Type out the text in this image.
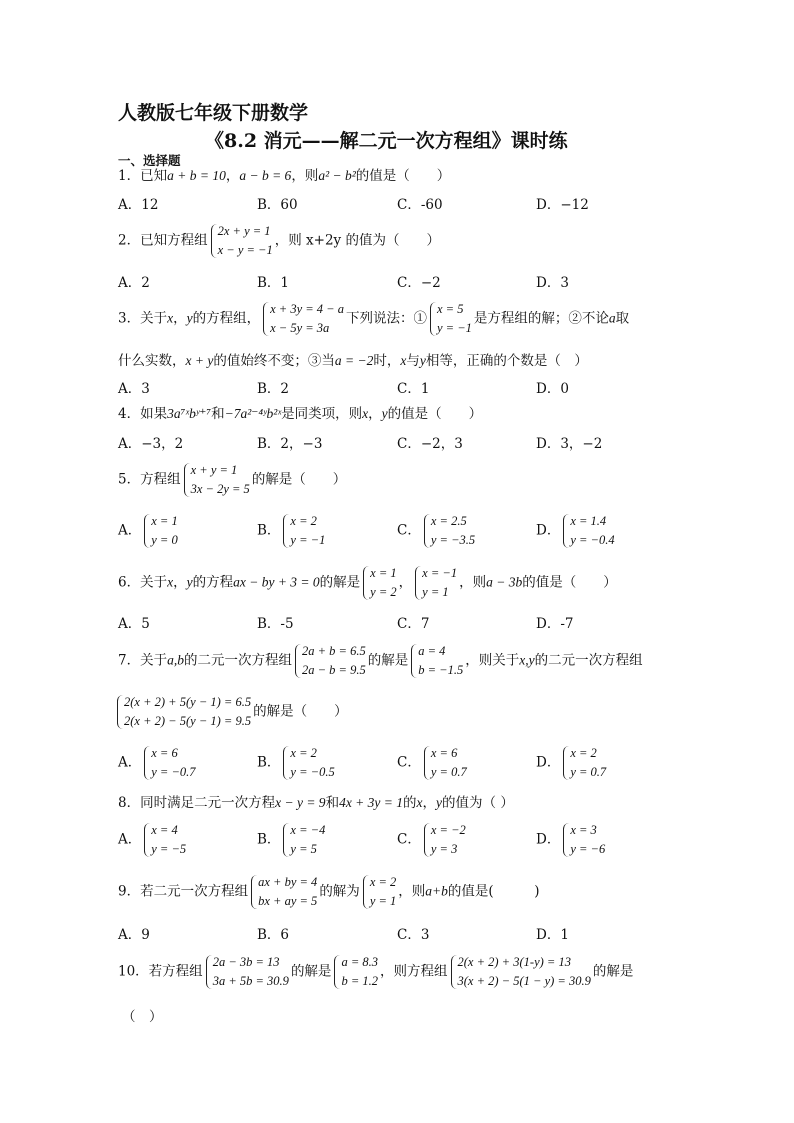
人教版七年级下册数学
《8.2 消元——解二元一次方程组》课时练
一、选择题
1．已知a + b = 10，a − b = 6，则a² − b²的值是（　　）
A．12	B．60	C．-60	D．−12
2．已知方程组
2x + y = 1
x − y = −1
，则 x+2y 的值为（　　）
A．2	B．1	C．−2	D．3
3．关于x，y的方程组，
x + 3y = 4 − a
x − 5y = 3a
下列说法：①
x = 5
y = −1
是方程组的解；②不论a取
什么实数，x + y的值始终不变；③当a = −2时，x与y相等，正确的个数是（　）
A．3	B．2	C．1	D．0
4．如果3a⁷ˣbʸ⁺⁷和−7a²⁻⁴ʸb²ˣ是同类项，则x，y的值是（　　）
A．−3，2	B．2，−3	C．−2，3	D．3，−2
5．方程组
x + y = 1
3x − 2y = 5
的解是（　　）
A．
x = 1
y = 0
B．
x = 2
y = −1
C．
x = 2.5
y = −3.5
D．
x = 1.4
y = −0.4
6．关于x，y的方程ax − by + 3 = 0的解是
x = 1
y = 2
，
x = −1
y = 1
，则a − 3b的值是（　　）
A．5	B．-5	C．7	D．-7
7．关于a,b的二元一次方程组
2a + b = 6.5
2a − b = 9.5
的解是
a = 4
b = −1.5
，则关于x,y的二元一次方程组
2(x + 2) + 5(y − 1) = 6.5
2(x + 2) − 5(y − 1) = 9.5
的解是（　　）
A．
x = 6
y = −0.7
B．
x = 2
y = −0.5
C．
x = 6
y = 0.7
D．
x = 2
y = 0.7
8．同时满足二元一次方程x − y = 9和4x + 3y = 1的x，y的值为（ ）
A．
x = 4
y = −5
B．
x = −4
y = 5
C．
x = −2
y = 3
D．
x = 3
y = −6
9．若二元一次方程组
ax + by = 4
bx + ay = 5
的解为
x = 2
y = 1
，则a+b的值是(　　　)
A．9	B．6	C．3	D．1
10．若方程组
2a − 3b = 13
3a + 5b = 30.9
的解是
a = 8.3
b = 1.2
，则方程组
2(x + 2) + 3(1-y) = 13
3(x + 2) − 5(1 − y) = 30.9
的解是
（　）
